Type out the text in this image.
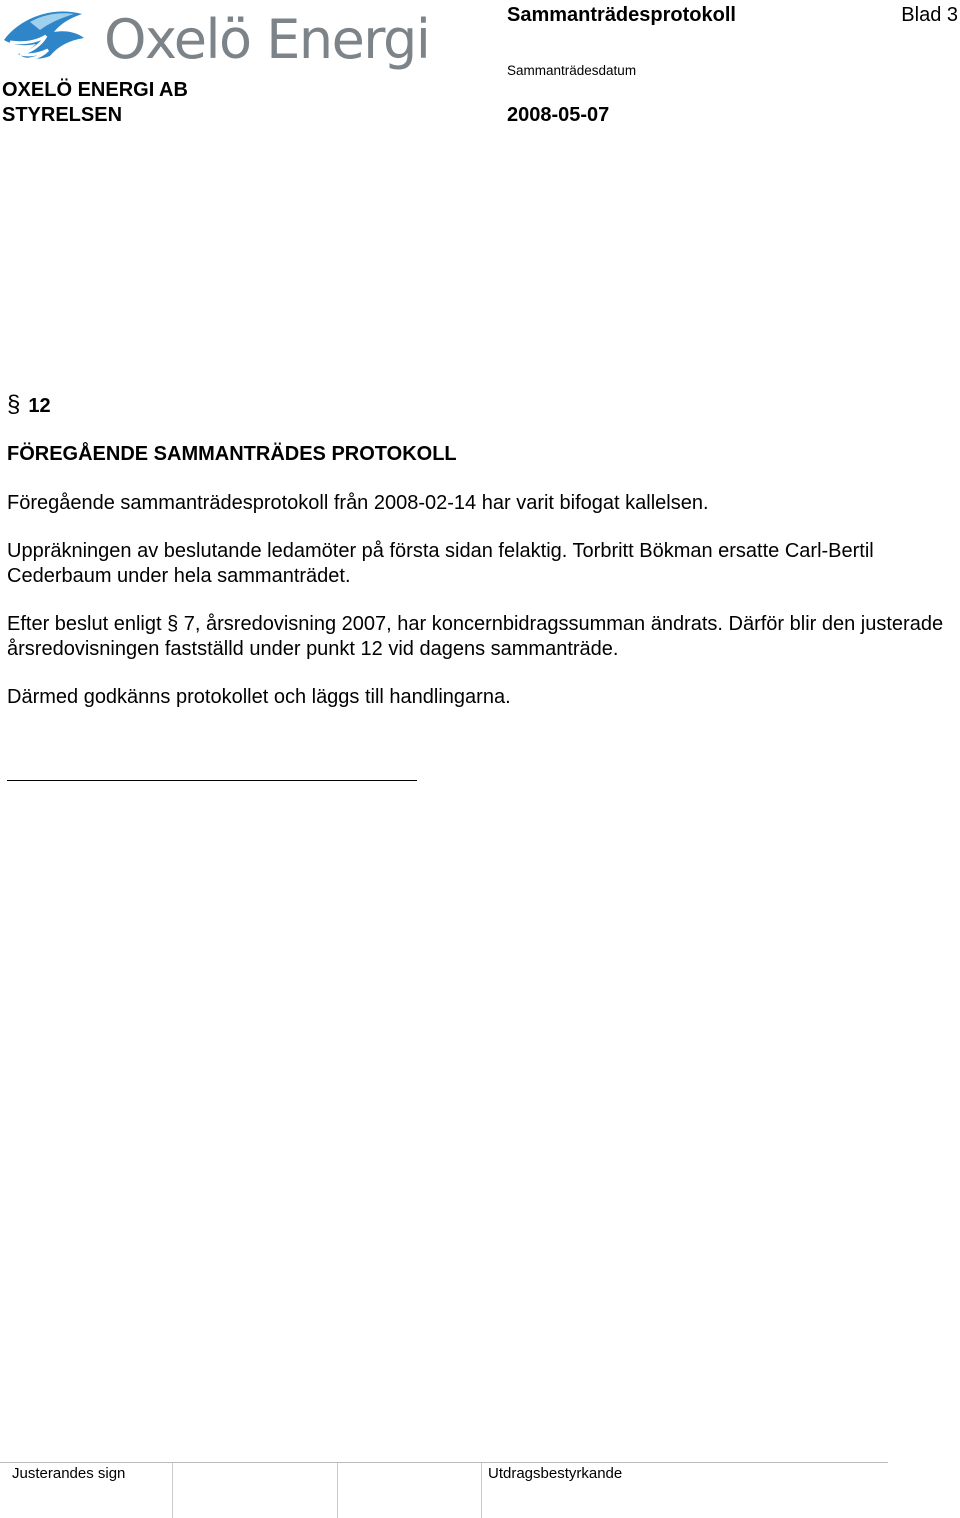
Oxelö Energi
OXELÖ ENERGI AB
STYRELSEN
Sammanträdesprotokoll	Blad 3
Sammanträdesdatum
2008-05-07
§ 12
FÖREGÅENDE SAMMANTRÄDES PROTOKOLL

Föregående sammanträdesprotokoll från 2008-02-14 har varit bifogat kallelsen.

Uppräkningen av beslutande ledamöter på första sidan felaktig. Torbritt Bökman ersatte Carl-Bertil Cederbaum under hela sammanträdet.

Efter beslut enligt § 7, årsredovisning 2007, har koncernbidragssumman ändrats. Därför blir den justerade årsredovisningen fastställd under punkt 12 vid dagens sammanträde.

Därmed godkänns protokollet och läggs till handlingarna.

Justerandes sign	Utdragsbestyrkande
